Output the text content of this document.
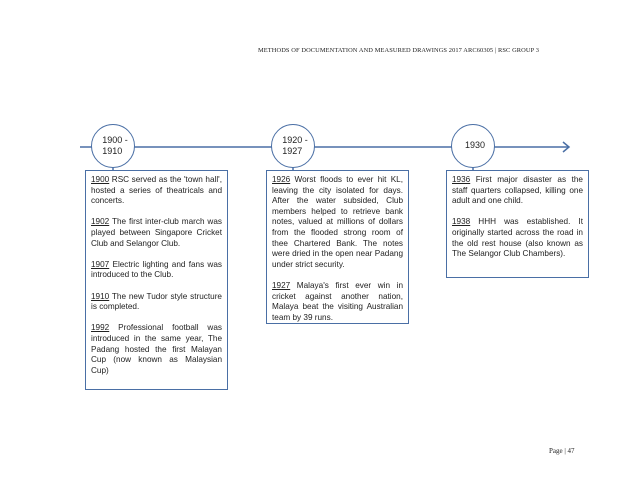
METHODS OF DOCUMENTATION AND MEASURED DRAWINGS 2017 ARC60305 | RSC GROUP 3
1900 -
1910
1920 -
1927
1930

1900 RSC served as the 'town hall', hosted a series of theatricals and concerts.

1902 The first inter-club march was played between Singapore Cricket Club and Selangor Club.

1907 Electric lighting and fans was introduced to the Club.

1910 The new Tudor style structure is completed.

1992 Professional football was introduced in the same year, The Padang hosted the first Malayan Cup (now known as Malaysian Cup)

1926 Worst floods to ever hit KL, leaving the city isolated for days. After the water subsided, Club members helped to retrieve bank notes, valued at millions of dollars from the flooded strong room of thee Chartered Bank. The notes were dried in the open near Padang under strict security.

1927 Malaya's first ever win in cricket against another nation, Malaya beat the visiting Australian team by 39 runs.

1936 First major disaster as the staff quarters collapsed, killing one adult and one child.

1938 HHH was established. It originally started across the road in the old rest house (also known as The Selangor Club Chambers).

Page | 47
